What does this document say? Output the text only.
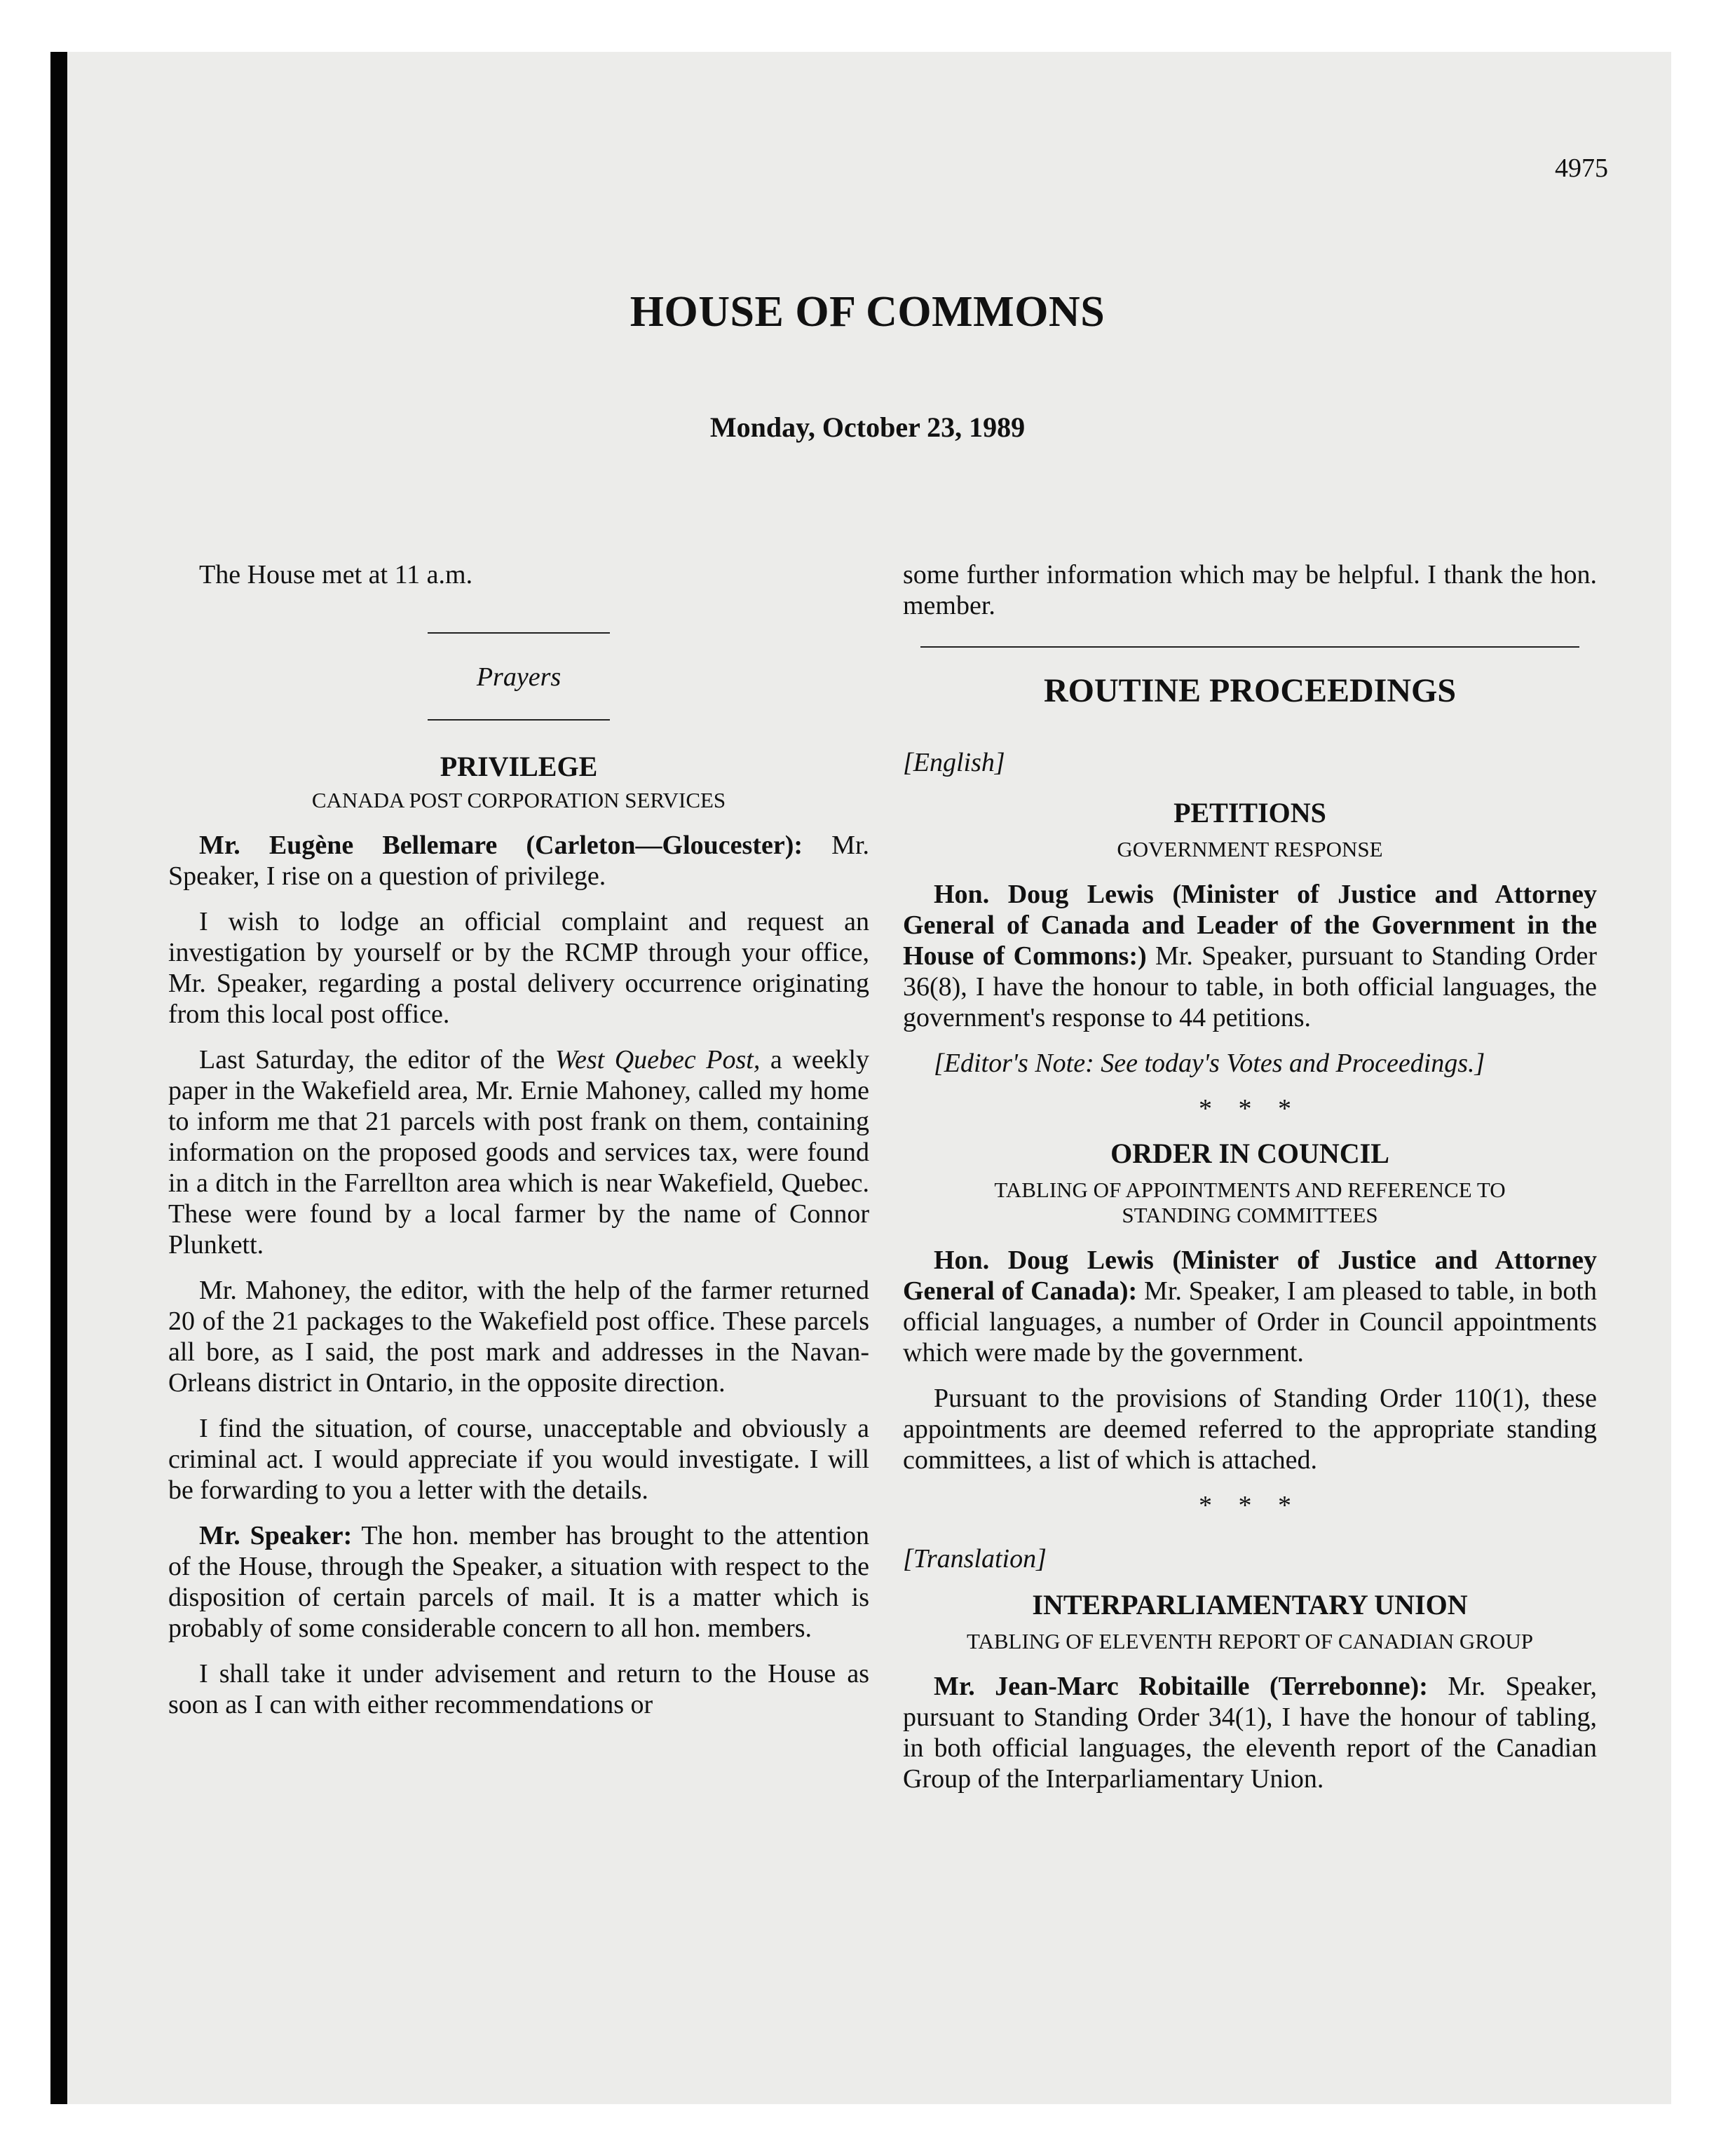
4975
HOUSE OF COMMONS
Monday, October 23, 1989

The House met at 11 a.m.

Prayers

PRIVILEGE
CANADA POST CORPORATION SERVICES

Mr. Eugène Bellemare (Carleton—Gloucester): Mr. Speaker, I rise on a question of privilege.

I wish to lodge an official complaint and request an investigation by yourself or by the RCMP through your office, Mr. Speaker, regarding a postal delivery occurrence originating from this local post office.

Last Saturday, the editor of the West Quebec Post, a weekly paper in the Wakefield area, Mr. Ernie Mahoney, called my home to inform me that 21 parcels with post frank on them, containing information on the proposed goods and services tax, were found in a ditch in the Farrellton area which is near Wakefield, Quebec. These were found by a local farmer by the name of Connor Plunkett.

Mr. Mahoney, the editor, with the help of the farmer returned 20 of the 21 packages to the Wakefield post office. These parcels all bore, as I said, the post mark and addresses in the Navan-Orleans district in Ontario, in the opposite direction.

I find the situation, of course, unacceptable and obviously a criminal act. I would appreciate if you would investigate. I will be forwarding to you a letter with the details.

Mr. Speaker: The hon. member has brought to the attention of the House, through the Speaker, a situation with respect to the disposition of certain parcels of mail. It is a matter which is probably of some considerable concern to all hon. members.

I shall take it under advisement and return to the House as soon as I can with either recommendations or

some further information which may be helpful. I thank the hon. member.

ROUTINE PROCEEDINGS

[English]

PETITIONS
GOVERNMENT RESPONSE

Hon. Doug Lewis (Minister of Justice and Attorney General of Canada and Leader of the Government in the House of Commons:) Mr. Speaker, pursuant to Standing Order 36(8), I have the honour to table, in both official languages, the government's response to 44 petitions.

[Editor's Note: See today's Votes and Proceedings.]

* * *
ORDER IN COUNCIL
TABLING OF APPOINTMENTS AND REFERENCE TO STANDING COMMITTEES

Hon. Doug Lewis (Minister of Justice and Attorney General of Canada): Mr. Speaker, I am pleased to table, in both official languages, a number of Order in Council appointments which were made by the government.

Pursuant to the provisions of Standing Order 110(1), these appointments are deemed referred to the appropriate standing committees, a list of which is attached.

* * *

[Translation]

INTERPARLIAMENTARY UNION
TABLING OF ELEVENTH REPORT OF CANADIAN GROUP

Mr. Jean-Marc Robitaille (Terrebonne): Mr. Speaker, pursuant to Standing Order 34(1), I have the honour of tabling, in both official languages, the eleventh report of the Canadian Group of the Interparliamentary Union.
